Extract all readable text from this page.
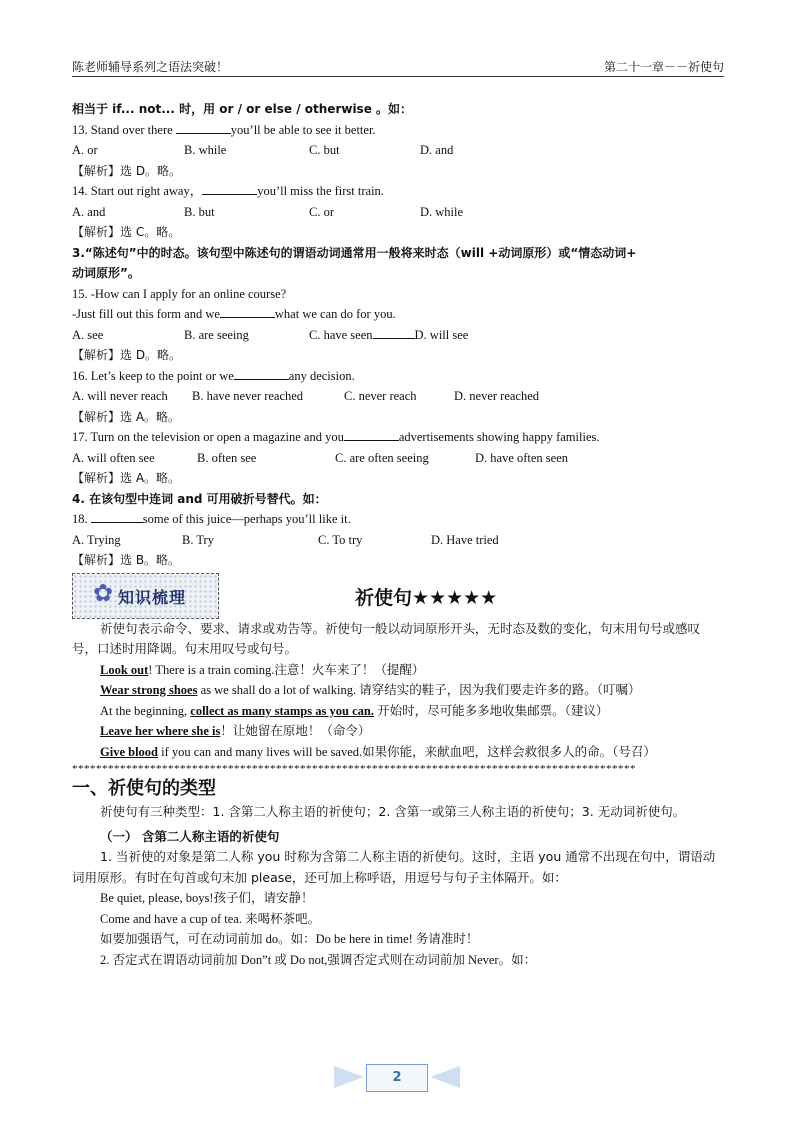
陈老师辅导系列之语法突破！	第二十一章－－祈使句
相当于 if... not... 时，用 or / or else / otherwise 。如：
13. Stand over there	you’ll be able to see it better.
A. or	B. while	C. but	D. and
【解析】选 D。略。
14. Start out right away，	you’ll miss the first train.
A. and	B. but	C. or	D. while
【解析】选 C。略。
3.“陈述句”中的时态。该句型中陈述句的谓语动词通常用一般将来时态（will +动词原形）或“情态动词+
动词原形”。
15. -How can I apply for an online course?
-Just fill out this form and we	what we can do for you.
A. see	B. are seeing	C. have seen	D. will see
【解析】选 D。略。
16. Let’s keep to the point or we	any decision.
A. will never reach	B. have never reached	C. never reach	D. never reached
【解析】选 A。略。
17. Turn on the television or open a magazine and you	advertisements showing happy families.
A. will often see	B. often see	C. are often seeing	D. have often seen
【解析】选 A。略。
4. 在该句型中连词 and 可用破折号替代。如：
18.	some of this juice—perhaps you’ll like it.
A. Trying	B. Try	C. To try	D. Have tried
【解析】选 B。略。
✿ 知识梳理	祈使句★★★★★
祈使句表示命令、要求、请求或劝告等。祈使句一般以动词原形开头，无时态及数的变化，句末用句号或感叹号，口述时用降调。句末用叹号或句号。
Look out! There is a train coming.注意！火车来了！（提醒）
Wear strong shoes as we shall do a lot of walking. 请穿结实的鞋子，因为我们要走许多的路。（叮嘱）
At the beginning, collect as many stamps as you can. 开始时，尽可能多多地收集邮票。（建议）
Leave her where she is！让她留在原地！（命令）
Give blood if you can and many lives will be saved.如果你能，来献血吧，这样会救很多人的命。（号召）
**********************************************************************************************
一、祈使句的类型
祈使句有三种类型：1. 含第二人称主语的祈使句；2. 含第一或第三人称主语的祈使句；3. 无动词祈使句。
（一） 含第二人称主语的祈使句
1. 当祈使的对象是第二人称 you 时称为含第二人称主语的祈使句。这时，主语 you 通常不出现在句中，谓语动词用原形。有时在句首或句末加 please，还可加上称呼语，用逗号与句子主体隔开。如：
Be quiet, please, boys!孩子们，请安静！
Come and have a cup of tea. 来喝杯茶吧。
如要加强语气，可在动词前加 do。如：Do be here in time! 务请准时！
2. 否定式在谓语动词前加 Don”t 或 Do not,强调否定式则在动词前加 Never。如：
2
